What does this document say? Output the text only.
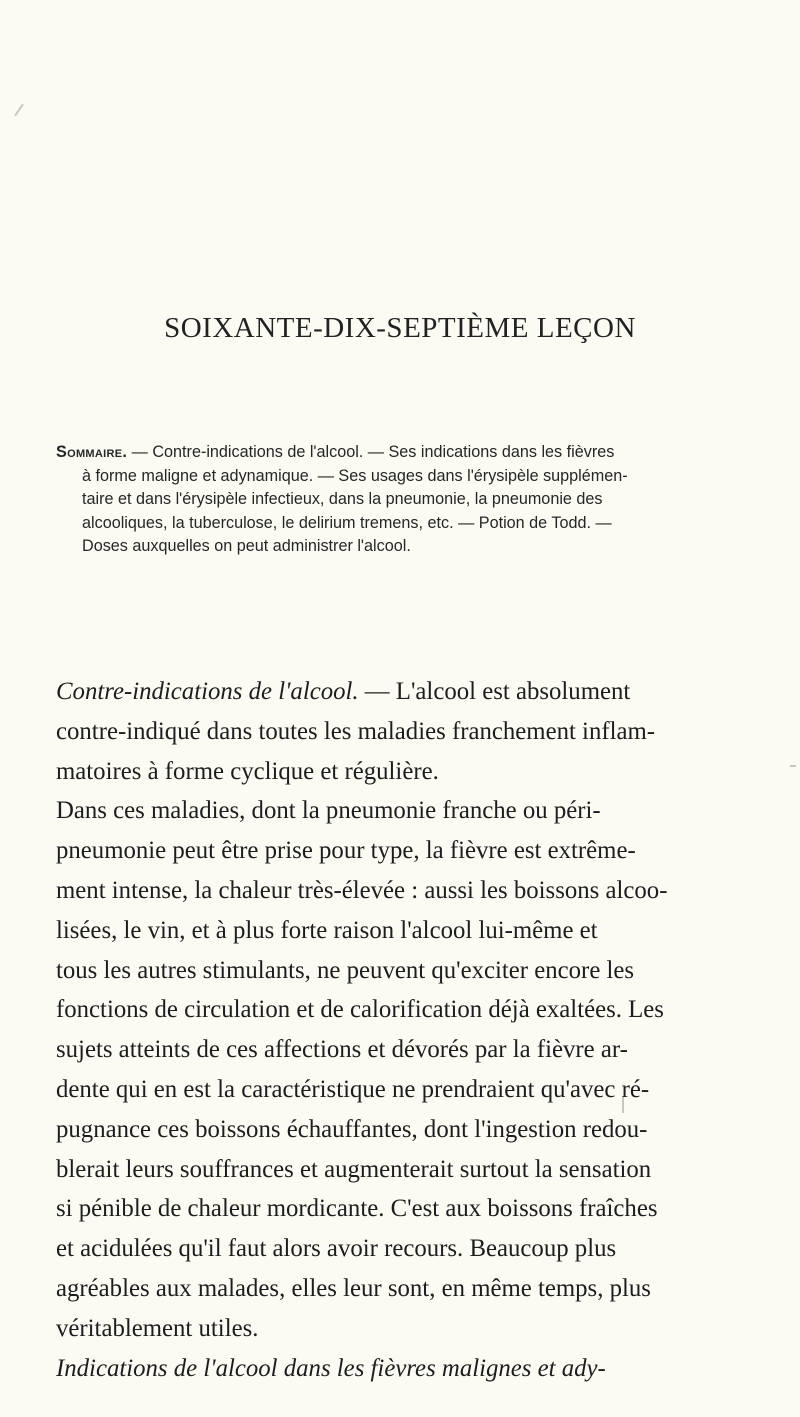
SOIXANTE-DIX-SEPTIÈME LEÇON
Sommaire. — Contre-indications de l'alcool. — Ses indications dans les fièvres
à forme maligne et adynamique. — Ses usages dans l'érysipèle supplémen-
taire et dans l'érysipèle infectieux, dans la pneumonie, la pneumonie des
alcooliques, la tuberculose, le delirium tremens, etc. — Potion de Todd. —
Doses auxquelles on peut administrer l'alcool.
Contre-indications de l'alcool. — L'alcool est absolument
contre-indiqué dans toutes les maladies franchement inflam-
matoires à forme cyclique et régulière.
Dans ces maladies, dont la pneumonie franche ou péri-
pneumonie peut être prise pour type, la fièvre est extrême-
ment intense, la chaleur très-élevée : aussi les boissons alcoo-
lisées, le vin, et à plus forte raison l'alcool lui-même et
tous les autres stimulants, ne peuvent qu'exciter encore les
fonctions de circulation et de calorification déjà exaltées. Les
sujets atteints de ces affections et dévorés par la fièvre ar-
dente qui en est la caractéristique ne prendraient qu'avec ré-
pugnance ces boissons échauffantes, dont l'ingestion redou-
blerait leurs souffrances et augmenterait surtout la sensation
si pénible de chaleur mordicante. C'est aux boissons fraîches
et acidulées qu'il faut alors avoir recours. Beaucoup plus
agréables aux malades, elles leur sont, en même temps, plus
véritablement utiles.
Indications de l'alcool dans les fièvres malignes et ady-
